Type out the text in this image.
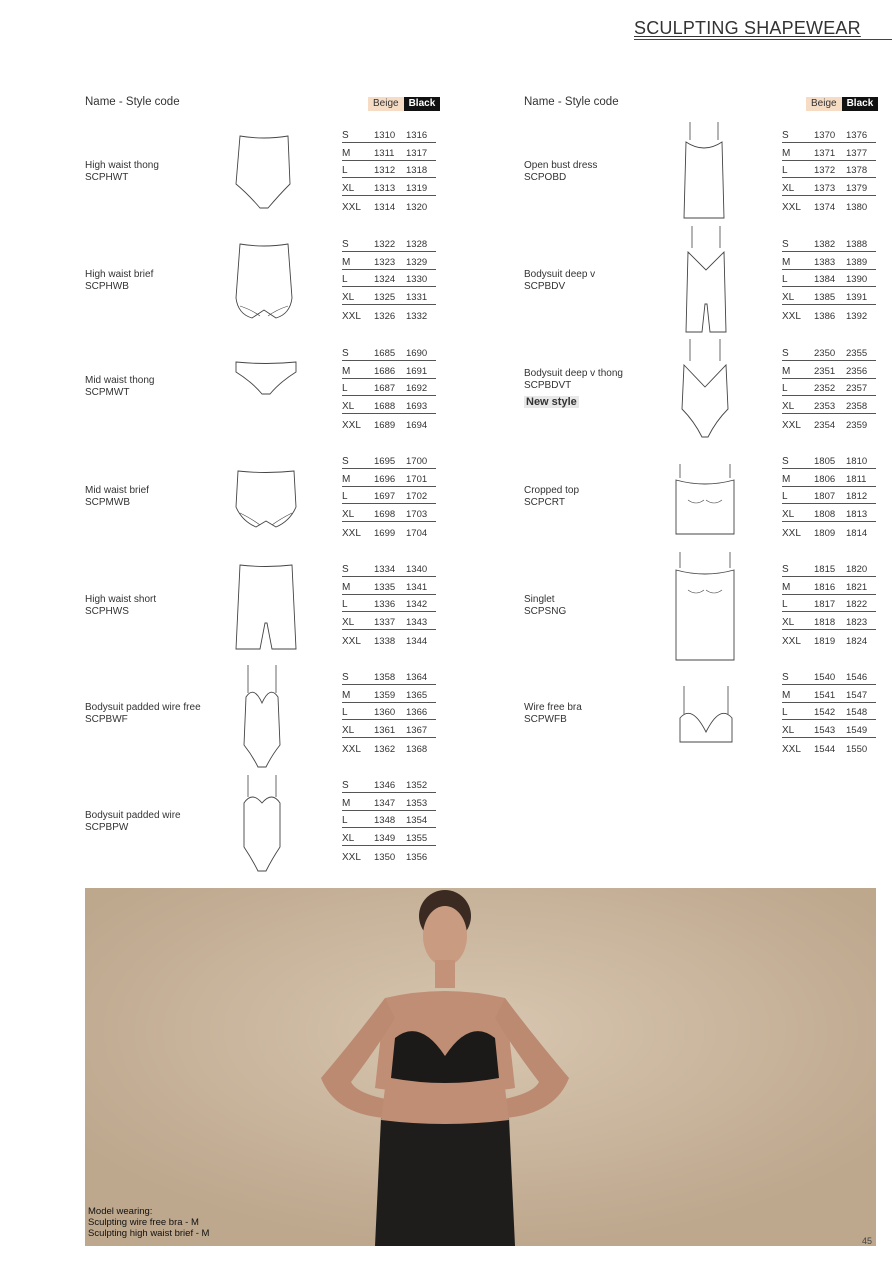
SCULPTING SHAPEWEAR
Name - Style code	Beige	Black	Name - Style code	Beige	Black
High waist thong
SCPHWT
S	1310	1316
M	1311	1317
L	1312	1318
XL	1313	1319
XXL	1314	1320
High waist brief
SCPHWB
S	1322	1328
M	1323	1329
L	1324	1330
XL	1325	1331
XXL	1326	1332
Mid waist thong
SCPMWT
S	1685	1690
M	1686	1691
L	1687	1692
XL	1688	1693
XXL	1689	1694
Mid waist brief
SCPMWB
S	1695	1700
M	1696	1701
L	1697	1702
XL	1698	1703
XXL	1699	1704
High waist short
SCPHWS
S	1334	1340
M	1335	1341
L	1336	1342
XL	1337	1343
XXL	1338	1344
Bodysuit padded wire free
SCPBWF
S	1358	1364
M	1359	1365
L	1360	1366
XL	1361	1367
XXL	1362	1368
Bodysuit padded wire
SCPBPW
S	1346	1352
M	1347	1353
L	1348	1354
XL	1349	1355
XXL	1350	1356
Open bust dress
SCPOBD
S	1370	1376
M	1371	1377
L	1372	1378
XL	1373	1379
XXL	1374	1380
Bodysuit deep v
SCPBDV
S	1382	1388
M	1383	1389
L	1384	1390
XL	1385	1391
XXL	1386	1392
Bodysuit deep v thong
SCPBDVT
New style
S	2350	2355
M	2351	2356
L	2352	2357
XL	2353	2358
XXL	2354	2359
Cropped top
SCPCRT
S	1805	1810
M	1806	1811
L	1807	1812
XL	1808	1813
XXL	1809	1814
Singlet
SCPSNG
S	1815	1820
M	1816	1821
L	1817	1822
XL	1818	1823
XXL	1819	1824
Wire free bra
SCPWFB
S	1540	1546
M	1541	1547
L	1542	1548
XL	1543	1549
XXL	1544	1550
Model wearing:
Sculpting wire free bra - M
Sculpting high waist brief - M
45
